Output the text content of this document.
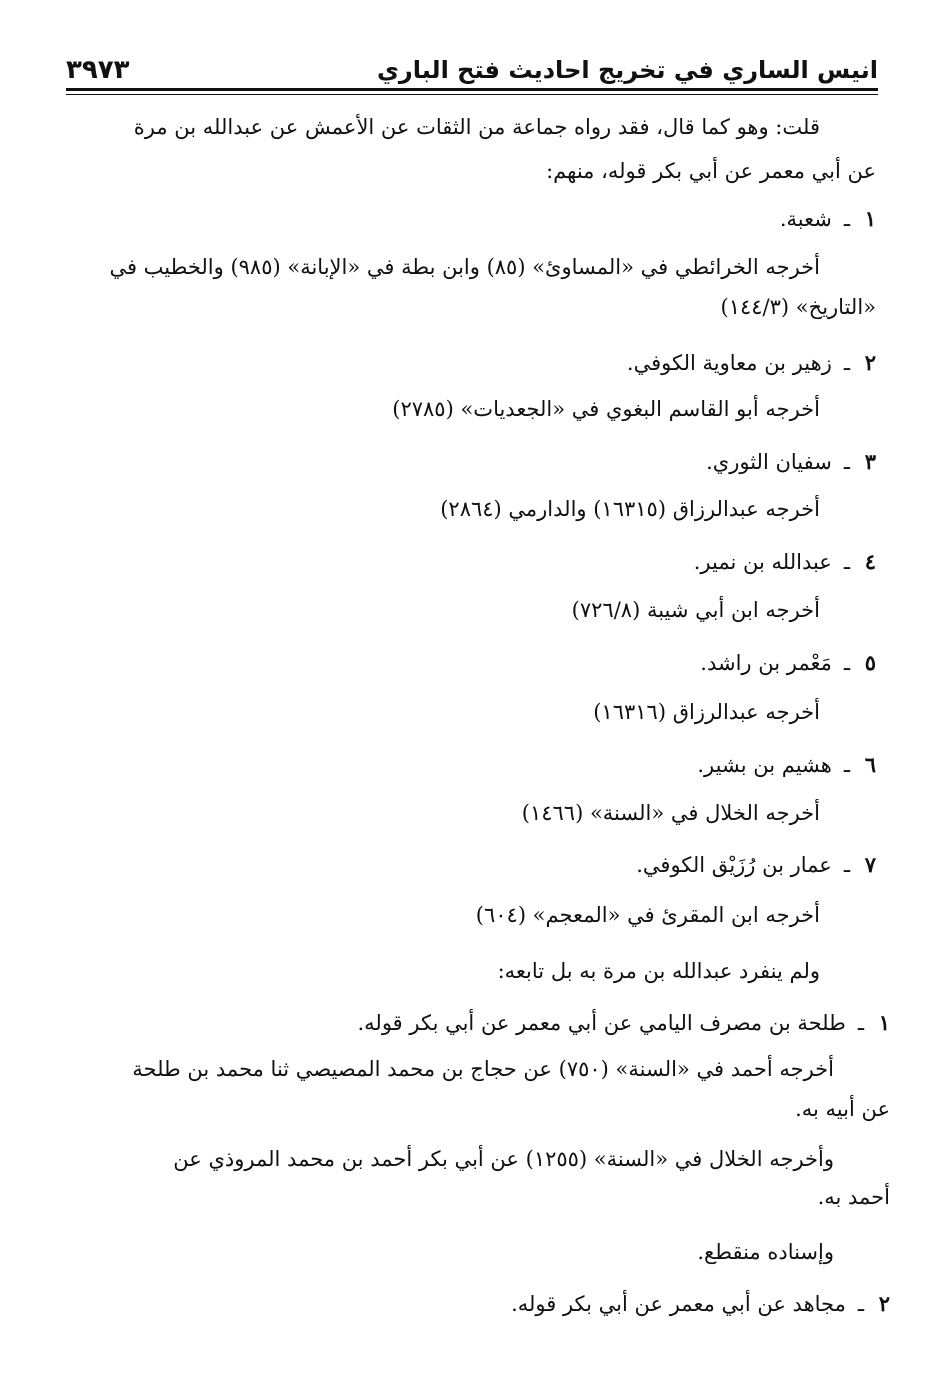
انيس الساري في تخريج احاديث فتح الباري
٣٩٧٣
قلت: وهو كما قال، فقد رواه جماعة من الثقات عن الأعمش عن عبدالله بن مرة
عن أبي معمر عن أبي بكر قوله، منهم:
١ـشعبة.
أخرجه الخرائطي في «المساوئ» (٨٥) وابن بطة في «الإبانة» (٩٨٥) والخطيب في
«التاريخ» (١٤٤/٣)
٢ـزهير بن معاوية الكوفي.
أخرجه أبو القاسم البغوي في «الجعديات» (٢٧٨٥)
٣ـسفيان الثوري.
أخرجه عبدالرزاق (١٦٣١٥) والدارمي (٢٨٦٤)
٤ـعبدالله بن نمير.
أخرجه ابن أبي شيبة (٧٢٦/٨)
٥ـمَعْمر بن راشد.
أخرجه عبدالرزاق (١٦٣١٦)
٦ـهشيم بن بشير.
أخرجه الخلال في «السنة» (١٤٦٦)
٧ـعمار بن رُزَيْق الكوفي.
أخرجه ابن المقرئ في «المعجم» (٦٠٤)
ولم ينفرد عبدالله بن مرة به بل تابعه:
١ـطلحة بن مصرف اليامي عن أبي معمر عن أبي بكر قوله.
أخرجه أحمد في «السنة» (٧٥٠) عن حجاج بن محمد المصيصي ثنا محمد بن طلحة
عن أبيه به.
وأخرجه الخلال في «السنة» (١٢٥٥) عن أبي بكر أحمد بن محمد المروذي عن
أحمد به.
وإسناده منقطع.
٢ـمجاهد عن أبي معمر عن أبي بكر قوله.
